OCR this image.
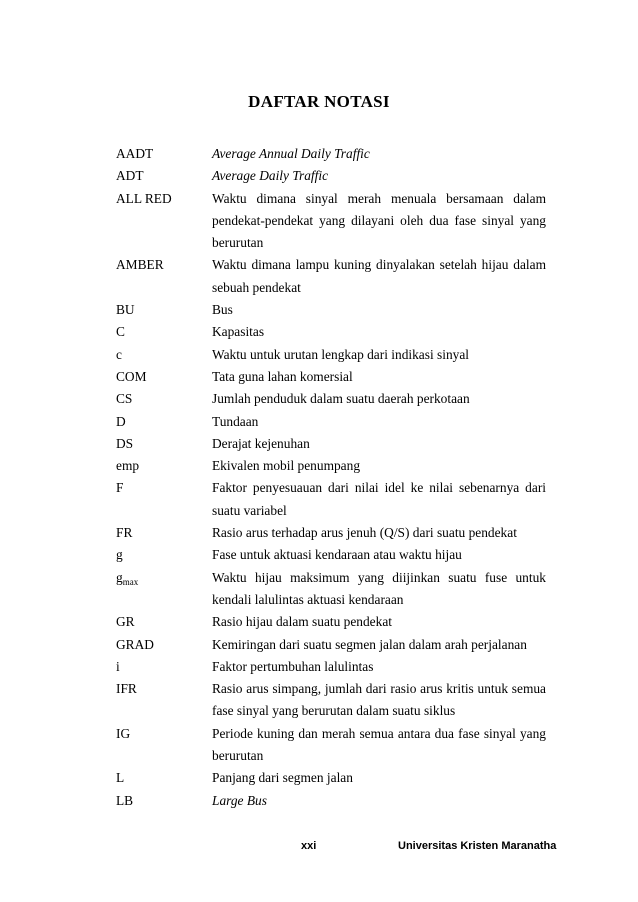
DAFTAR NOTASI
AADT	Average Annual Daily Traffic
ADT	Average Daily Traffic
ALL RED	Waktu dimana sinyal merah menuala bersamaan dalam pendekat-pendekat yang dilayani oleh dua fase sinyal yang berurutan
AMBER	Waktu dimana lampu kuning dinyalakan setelah hijau dalam sebuah pendekat
BU	Bus
C	Kapasitas
c	Waktu untuk urutan lengkap dari indikasi sinyal
COM	Tata guna lahan komersial
CS	Jumlah penduduk dalam suatu daerah perkotaan
D	Tundaan
DS	Derajat kejenuhan
emp	Ekivalen mobil penumpang
F	Faktor penyesuauan dari nilai idel ke nilai sebenarnya dari suatu variabel
FR	Rasio arus terhadap arus jenuh (Q/S) dari suatu pendekat
g	Fase untuk aktuasi kendaraan atau waktu hijau
$g_{max}$	Waktu hijau maksimum yang diijinkan suatu fuse untuk kendali lalulintas aktuasi kendaraan
GR	Rasio hijau dalam suatu pendekat
GRAD	Kemiringan dari suatu segmen jalan dalam arah perjalanan
i	Faktor pertumbuhan lalulintas
IFR	Rasio arus simpang, jumlah dari rasio arus kritis untuk semua fase sinyal yang berurutan dalam suatu siklus
IG	Periode kuning dan merah semua antara dua fase sinyal yang berurutan
L	Panjang dari segmen jalan
LB	Large Bus
xxi	Universitas Kristen Maranatha
